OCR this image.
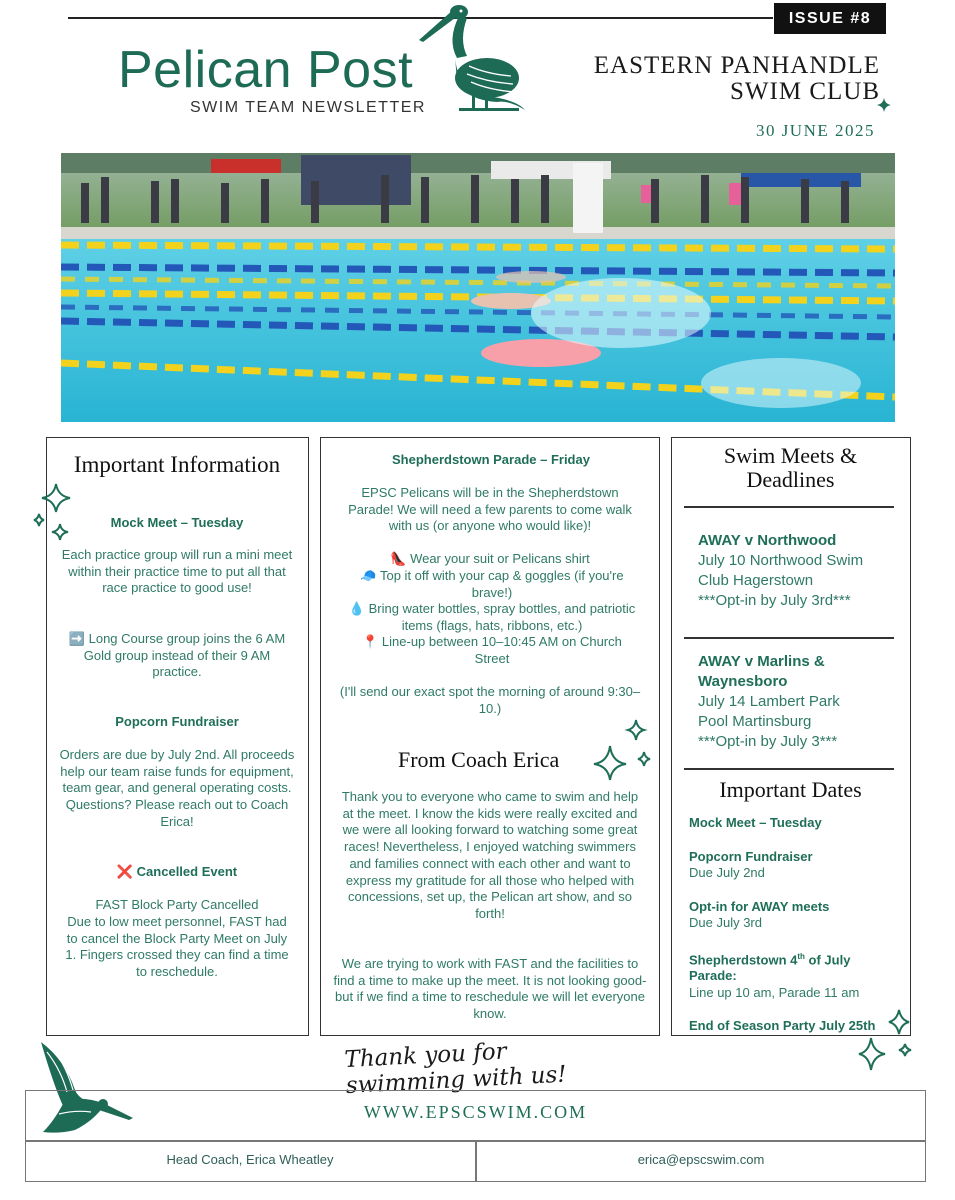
ISSUE #8
Pelican Post
SWIM TEAM NEWSLETTER
EASTERN PANHANDLE
SWIM CLUB
30 JUNE 2025
Important Information
Mock Meet – Tuesday
Each practice group will run a mini meet within their practice time to put all that race practice to good use!
➡️ Long Course group joins the 6 AM Gold group instead of their 9 AM practice.
Popcorn Fundraiser
Orders are due by July 2nd. All proceeds help our team raise funds for equipment, team gear, and general operating costs. Questions? Please reach out to Coach Erica!
❌ Cancelled Event
FAST Block Party Cancelled
Due to low meet personnel, FAST had to cancel the Block Party Meet on July 1. Fingers crossed they can find a time to reschedule.
Shepherdstown Parade – Friday
EPSC Pelicans will be in the Shepherdstown Parade! We will need a few parents to come walk with us (or anyone who would like)!
👠 Wear your suit or Pelicans shirt
🧢 Top it off with your cap & goggles (if you're brave!)
💧 Bring water bottles, spray bottles, and patriotic items (flags, hats, ribbons, etc.)
📍 Line-up between 10–10:45 AM on Church Street
(I'll send our exact spot the morning of around 9:30–10.)
From Coach Erica
Thank you to everyone who came to swim and help at the meet. I know the kids were really excited and we were all looking forward to watching some great races! Nevertheless, I enjoyed watching swimmers and families connect with each other and want to express my gratitude for all those who helped with concessions, set up, the Pelican art show, and so forth!
We are trying to work with FAST and the facilities to find a time to make up the meet. It is not looking good- but if we find a time to reschedule we will let everyone know.
Swim Meets &
Deadlines
AWAY v Northwood
July 10 Northwood Swim
Club Hagerstown
***Opt-in by July 3rd***
AWAY v Marlins &
Waynesboro
July 14 Lambert Park
Pool Martinsburg
***Opt-in by July 3***
Important Dates
Mock Meet – Tuesday
Popcorn Fundraiser
Due July 2nd
Opt-in for AWAY meets
Due July 3rd
Shepherdstown 4th of July
Parade:
Line up 10 am, Parade 11 am
End of Season Party July 25th
Thank you for swimming with us!
WWW.EPSCSWIM.COM
Head Coach, Erica Wheatley	erica@epscswim.com
